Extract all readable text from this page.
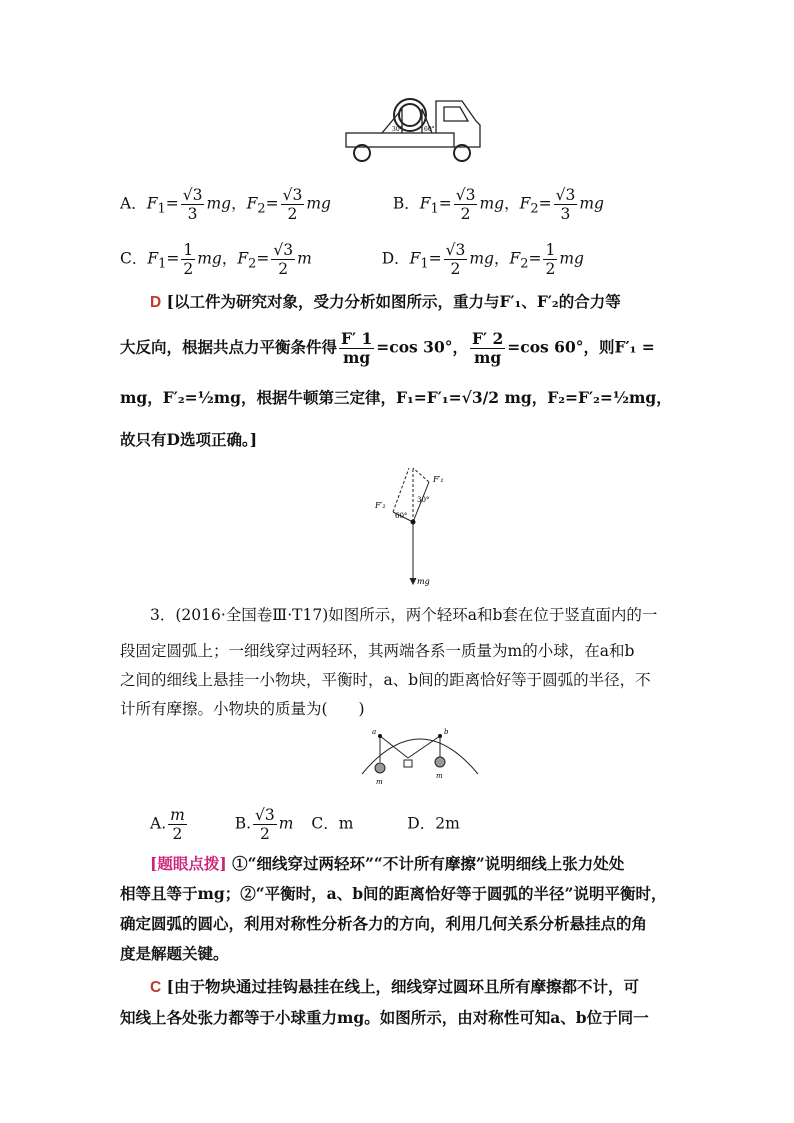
30°	60°
A．$F_1= \frac{√3}{3}$ mg，$F_2= \frac{√3}{2}$ mg	B．$F_1= \frac{√3}{2}$ mg，$F_2= \frac{√3}{3}$ mg
C．$F_1= \frac{1}{2}$ mg，$F_2= \frac{√3}{2}$ m	D．$F_1= \frac{√3}{2}$ mg，$F_2= \frac{1}{2}$ mg
D [以工件为研究对象，受力分析如图所示，重力与F′₁、F′₂的合力等
大反向，根据共点力平衡条件得 $\frac{F' 1}{mg} =\cos$ 30°， $\frac{F' 2}{mg} =\cos$ 60°，则F′₁ =
mg，F′₂=½mg，根据牛顿第三定律，F₁=F′₁=√3/2 mg，F₂=F′₂=½mg，
故只有D选项正确。]
F′₁
F′₂
30°
60°
mg
3．(2016·全国卷Ⅲ·T17)如图所示，两个轻环a和b套在位于竖直面内的一
段固定圆弧上；一细线穿过两轻环，其两端各系一质量为m的小球，在a和b
之间的细线上悬挂一小物块，平衡时，a、b间的距离恰好等于圆弧的半径，不
计所有摩擦。小物块的质量为(　　)
a	b
m
m
A. $\frac{m}{2}$	B. $\frac{√3}{2}$ m C．m	D．2m
[题眼点拨] ①“细线穿过两轻环”“不计所有摩擦”说明细线上张力处处
相等且等于mg；②“平衡时，a、b间的距离恰好等于圆弧的半径”说明平衡时，
确定圆弧的圆心，利用对称性分析各力的方向，利用几何关系分析悬挂点的角
度是解题关键。
C [由于物块通过挂钩悬挂在线上，细线穿过圆环且所有摩擦都不计，可
知线上各处张力都等于小球重力mg。如图所示，由对称性可知a、b位于同一
